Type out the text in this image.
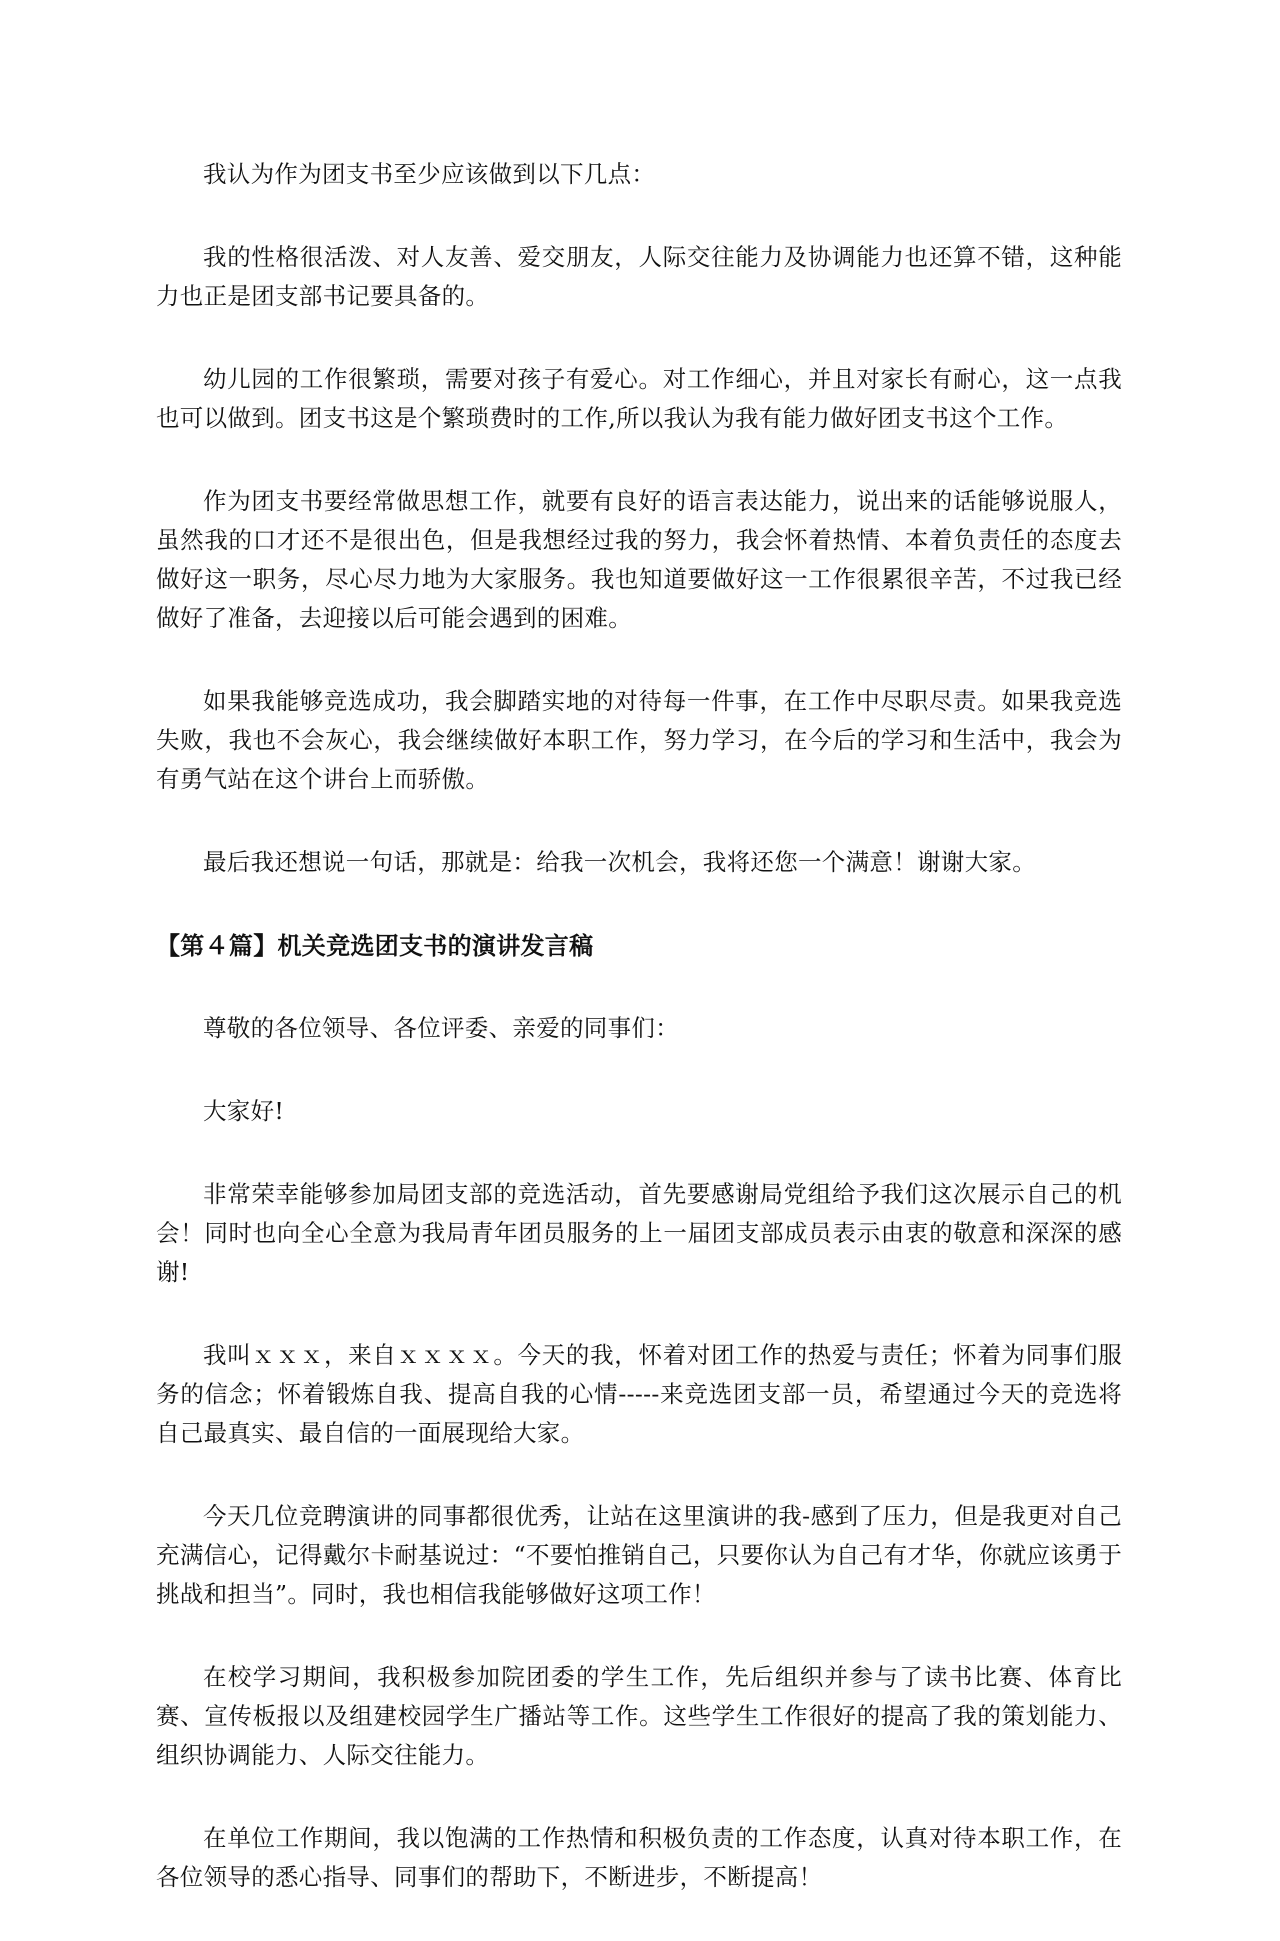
我认为作为团支书至少应该做到以下几点：

我的性格很活泼、对人友善、爱交朋友，人际交往能力及协调能力也还算不错，这种能力也正是团支部书记要具备的。

幼儿园的工作很繁琐，需要对孩子有爱心。对工作细心，并且对家长有耐心，这一点我也可以做到。团支书这是个繁琐费时的工作,所以我认为我有能力做好团支书这个工作。

作为团支书要经常做思想工作，就要有良好的语言表达能力，说出来的话能够说服人，虽然我的口才还不是很出色，但是我想经过我的努力，我会怀着热情、本着负责任的态度去做好这一职务，尽心尽力地为大家服务。我也知道要做好这一工作很累很辛苦，不过我已经做好了准备，去迎接以后可能会遇到的困难。

如果我能够竞选成功，我会脚踏实地的对待每一件事，在工作中尽职尽责。如果我竞选失败，我也不会灰心，我会继续做好本职工作，努力学习，在今后的学习和生活中，我会为有勇气站在这个讲台上而骄傲。

最后我还想说一句话，那就是：给我一次机会，我将还您一个满意！谢谢大家。

【第４篇】机关竞选团支书的演讲发言稿

尊敬的各位领导、各位评委、亲爱的同事们：

大家好!

非常荣幸能够参加局团支部的竞选活动，首先要感谢局党组给予我们这次展示自己的机会！同时也向全心全意为我局青年团员服务的上一届团支部成员表示由衷的敬意和深深的感谢!

我叫ｘｘｘ，来自ｘｘｘｘ。今天的我，怀着对团工作的热爱与责任；怀着为同事们服务的信念；怀着锻炼自我、提高自我的心情-----来竞选团支部一员，希望通过今天的竞选将自己最真实、最自信的一面展现给大家。

今天几位竞聘演讲的同事都很优秀，让站在这里演讲的我-感到了压力，但是我更对自己充满信心，记得戴尔卡耐基说过：“不要怕推销自己，只要你认为自己有才华，你就应该勇于挑战和担当”。同时，我也相信我能够做好这项工作！

在校学习期间，我积极参加院团委的学生工作，先后组织并参与了读书比赛、体育比赛、宣传板报以及组建校园学生广播站等工作。这些学生工作很好的提高了我的策划能力、组织协调能力、人际交往能力。

在单位工作期间，我以饱满的工作热情和积极负责的工作态度，认真对待本职工作，在各位领导的悉心指导、同事们的帮助下，不断进步，不断提高！
